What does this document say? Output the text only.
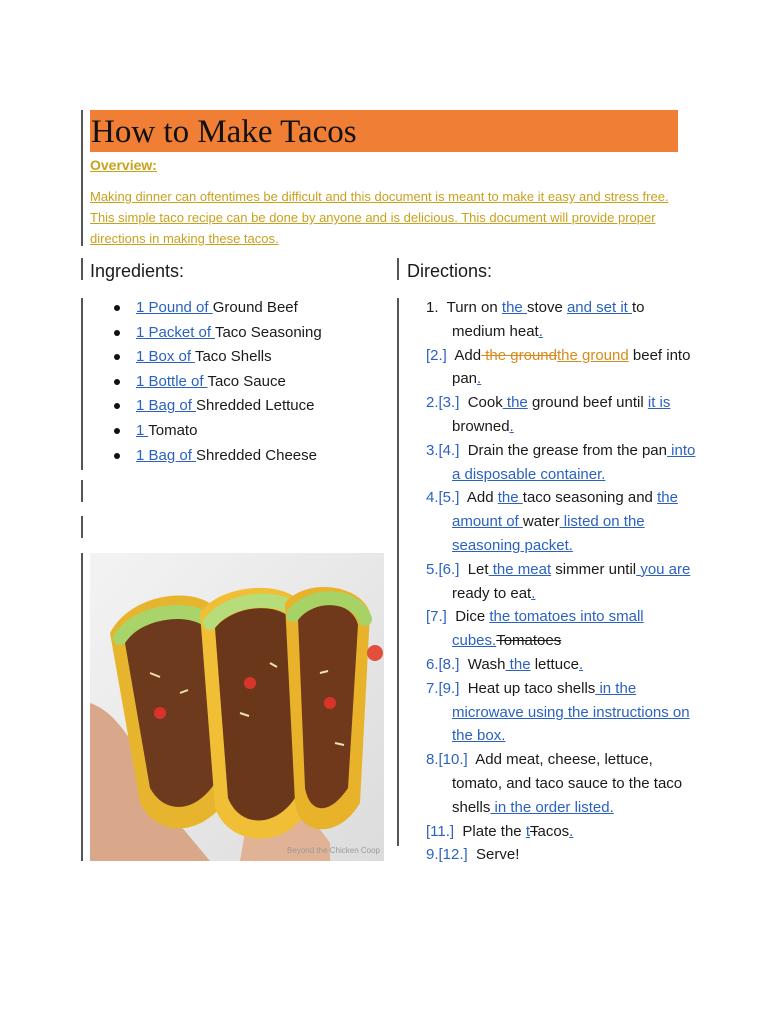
How to Make Tacos
Overview:
Making dinner can oftentimes be difficult and this document is meant to make it easy and stress free. This simple taco recipe can be done by anyone and is delicious. This document will provide proper directions in making these tacos.
Ingredients:	Directions:
1 Pound of Ground Beef
1 Packet of Taco Seasoning
1 Box of Taco Shells
1 Bottle of Taco Sauce
1 Bag of Shredded Lettuce
1 Tomato
1 Bag of Shredded Cheese
Beyond the Chicken Coop
1.  Turn on the stove and set it to medium heat.
[2.] Add the groundthe ground beef into pan.
2.[3.] Cook the ground beef until it is browned.
3.[4.] Drain the grease from the pan into a disposable container.
4.[5.] Add the taco seasoning and the amount of water listed on the seasoning packet.
5.[6.] Let the meat simmer until you are ready to eat.
[7.] Dice the tomatoes into small cubes.Tomatoes
6.[8.] Wash the lettuce.
7.[9.] Heat up taco shells in the microwave using the instructions on the box.
8.[10.] Add meat, cheese, lettuce, tomato, and taco sauce to the taco shells in the order listed.
[11.] Plate the tTacos.
9.[12.] Serve!
